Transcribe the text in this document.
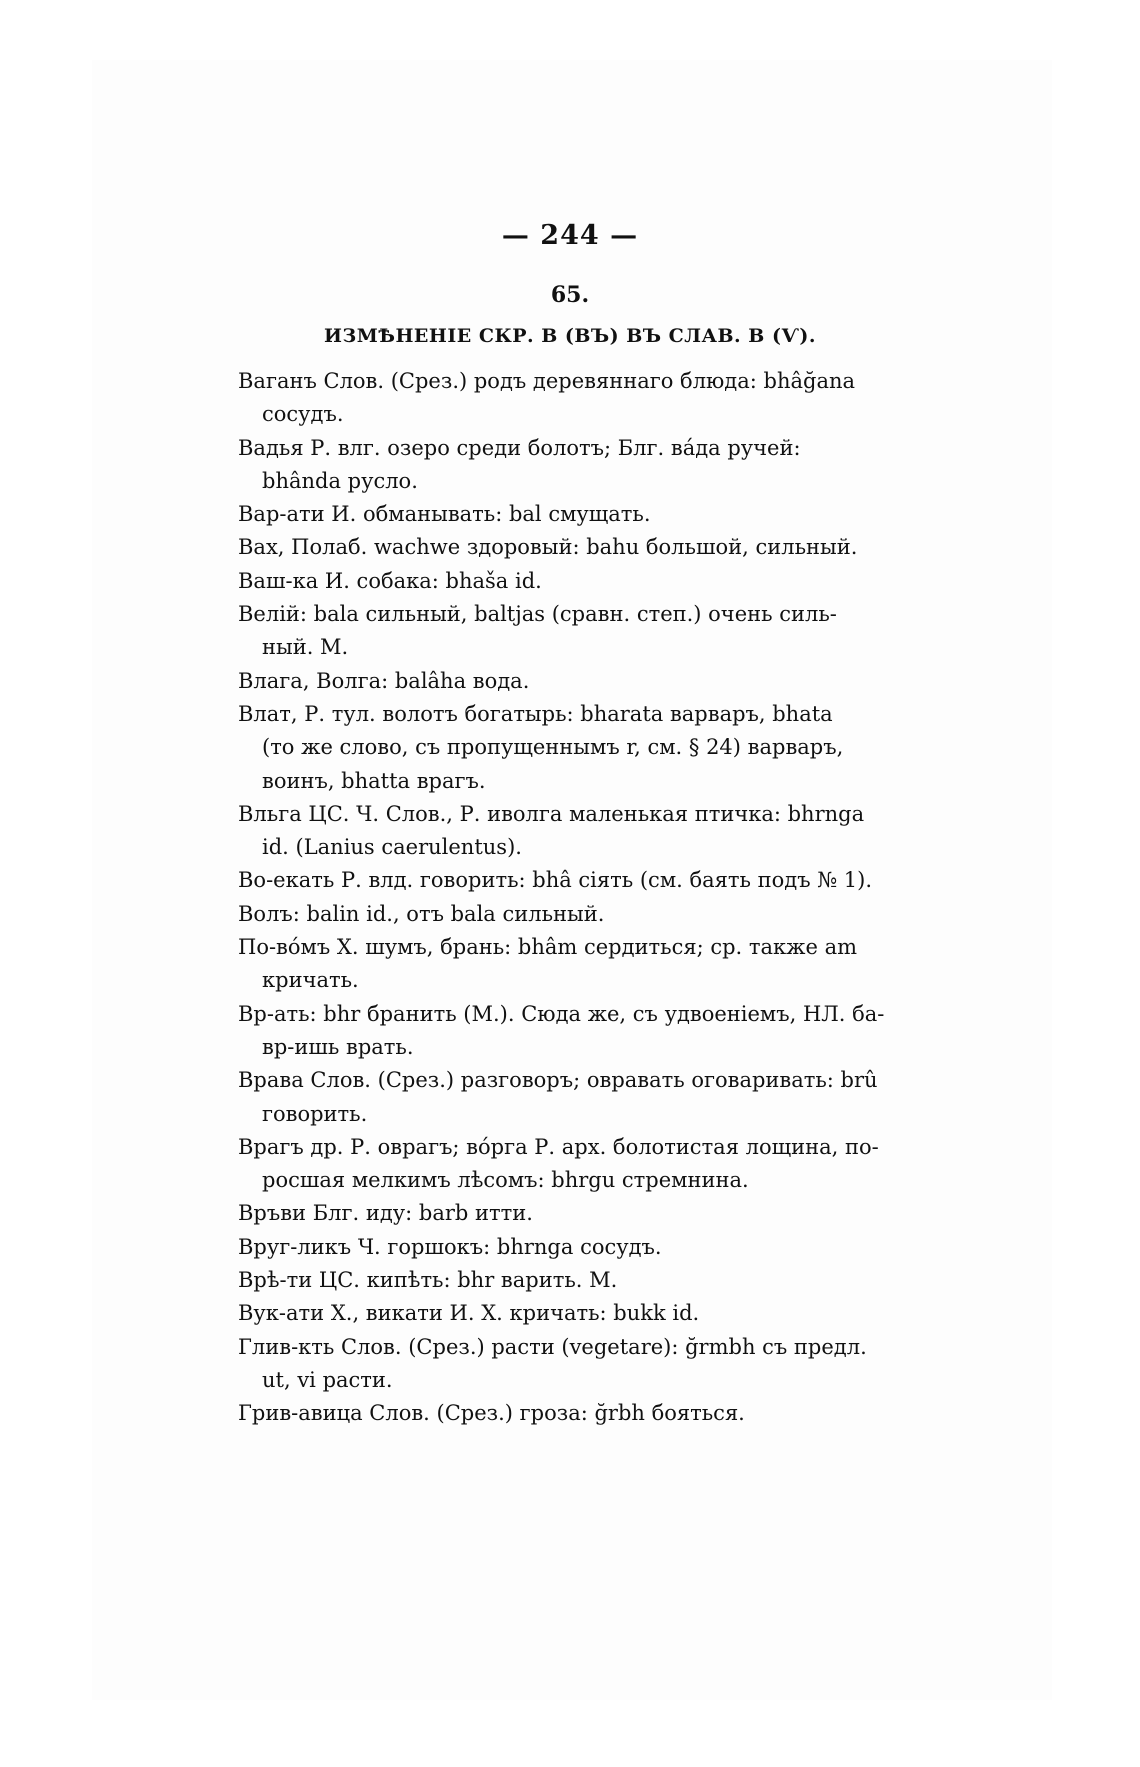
— 244 —
65.
ИЗМѢНЕНІЕ СКР. В (ВЪ) ВЪ СЛАВ. В (Ѵ).

Ваганъ Слов. (Срез.) родъ деревяннаго блюда: bhâğana
сосудъ.

Вадья Р. влг. озеро среди болотъ; Блг. вáда ручей:
bhânda русло.

Вар-ати И. обманывать: bal смущать.

Вах, Полаб. wachwe здоровый: bahu большой, сильный.

Ваш-ка И. собака: bhaša id.

Велій: bala сильный, baltjas (сравн. степ.) очень силь-
ный. М.

Влага, Волга: balâha вода.

Влат, Р. тул. волотъ богатырь: bharata варваръ, bhata
(то же слово, съ пропущеннымъ r, см. § 24) варваръ,
воинъ, bhatta врагъ.

Вльга ЦС. Ч. Слов., Р. иволга маленькая птичка: bhrnga
id. (Lanius caerulentus).

Во-екать Р. влд. говорить: bhâ сіять (см. баять подъ № 1).

Волъ: balin id., отъ bala сильный.

По-вóмъ Х. шумъ, брань: bhâm сердиться; ср. также am
кричать.

Вр-ать: bhr бранить (М.). Сюда же, съ удвоеніемъ, НЛ. ба-
вр-ишь врать.

Врава Слов. (Срез.) разговоръ; овравать оговаривать: brû
говорить.

Врагъ др. Р. оврагъ; вóрга Р. арх. болотистая лощина, по-
росшая мелкимъ лѣсомъ: bhrgu стремнина.

Връви Блг. иду: barb итти.

Вруг-ликъ Ч. горшокъ: bhrnga сосудъ.

Врѣ-ти ЦС. кипѣть: bhr варить. М.

Вук-ати Х., викати И. Х. кричать: bukk id.

Глив-кть Слов. (Срез.) расти (vegetare): ğrmbh съ предл.
ut, vi расти.

Грив-авица Слов. (Срез.) гроза: ğrbh бояться.
